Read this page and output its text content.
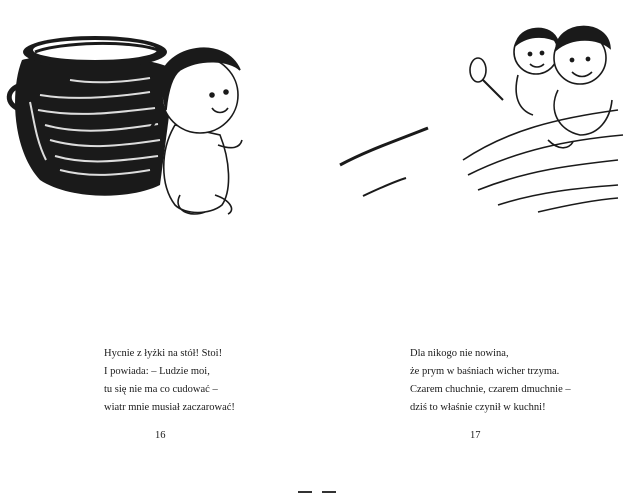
Hycnie z łyżki na stół! Stoi!
I powiada: – Ludzie moi,
tu się nie ma co cudować –
wiatr mnie musiał zaczarować!
16
Dla nikogo nie nowina,
że prym w baśniach wicher trzyma.
Czarem chuchnie, czarem dmuchnie –
dziś to właśnie czynił w kuchni!
17
